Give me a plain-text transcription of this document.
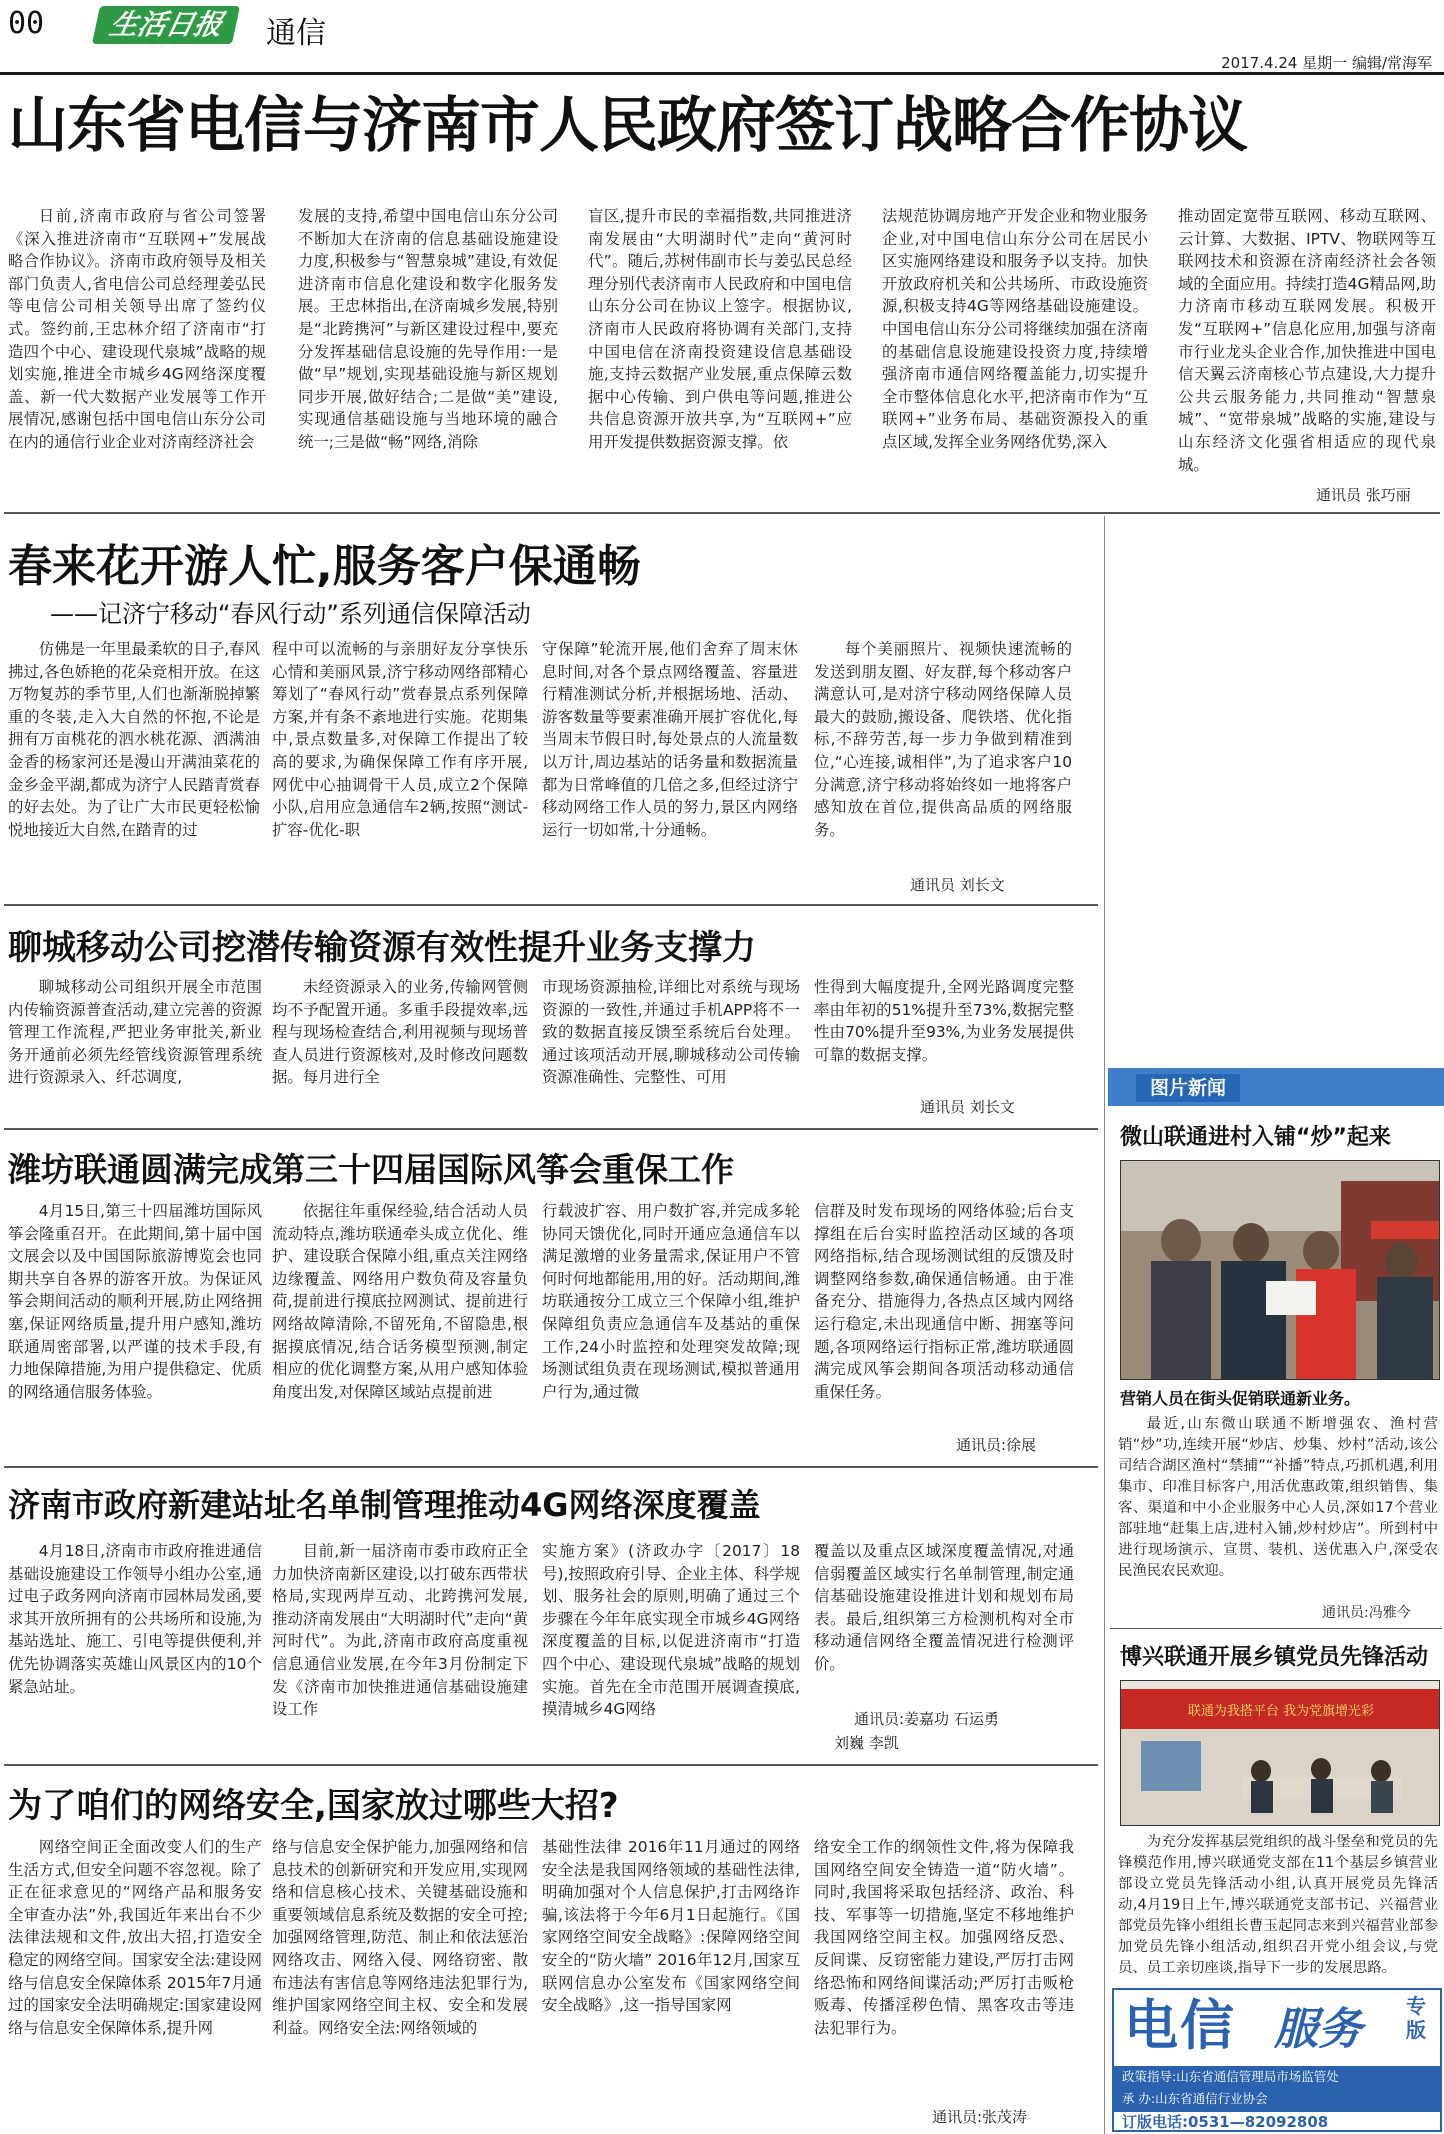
00	生活日报	通信
2017.4.24 星期一 编辑/常海军
山东省电信与济南市人民政府签订战略合作协议
日前,济南市政府与省公司签署《深入推进济南市“互联网+”发展战略合作协议》。济南市政府领导及相关部门负责人,省电信公司总经理姜弘民等电信公司相关领导出席了签约仪式。签约前,王忠林介绍了济南市“打造四个中心、建设现代泉城”战略的规划实施,推进全市城乡4G网络深度覆盖、新一代大数据产业发展等工作开展情况,感谢包括中国电信山东分公司在内的通信行业企业对济南经济社会
发展的支持,希望中国电信山东分公司不断加大在济南的信息基础设施建设力度,积极参与“智慧泉城”建设,有效促进济南市信息化建设和数字化服务发展。王忠林指出,在济南城乡发展,特别是“北跨携河”与新区建设过程中,要充分发挥基础信息设施的先导作用:一是做“早”规划,实现基础设施与新区规划同步开展,做好结合;二是做“美”建设,实现通信基础设施与当地环境的融合统一;三是做“畅”网络,消除
盲区,提升市民的幸福指数,共同推进济南发展由“大明湖时代”走向“黄河时代”。随后,苏树伟副市长与姜弘民总经理分别代表济南市人民政府和中国电信山东分公司在协议上签字。根据协议,济南市人民政府将协调有关部门,支持中国电信在济南投资建设信息基础设施,支持云数据产业发展,重点保障云数据中心传输、到户供电等问题,推进公共信息资源开放共享,为“互联网+”应用开发提供数据资源支撑。依
法规范协调房地产开发企业和物业服务企业,对中国电信山东分公司在居民小区实施网络建设和服务予以支持。加快开放政府机关和公共场所、市政设施资源,积极支持4G等网络基础设施建设。中国电信山东分公司将继续加强在济南的基础信息设施建设投资力度,持续增强济南市通信网络覆盖能力,切实提升全市整体信息化水平,把济南市作为“互联网+”业务布局、基础资源投入的重点区域,发挥全业务网络优势,深入
推动固定宽带互联网、移动互联网、云计算、大数据、IPTV、物联网等互联网技术和资源在济南经济社会各领域的全面应用。持续打造4G精品网,助力济南市移动互联网发展。积极开发“互联网+”信息化应用,加强与济南市行业龙头企业合作,加快推进中国电信天翼云济南核心节点建设,大力提升公共云服务能力,共同推动“智慧泉城”、“宽带泉城”战略的实施,建设与山东经济文化强省相适应的现代泉城。
通讯员 张巧丽
春来花开游人忙,服务客户保通畅
——记济宁移动“春风行动”系列通信保障活动
仿佛是一年里最柔软的日子,春风拂过,各色娇艳的花朵竞相开放。在这万物复苏的季节里,人们也渐渐脱掉繁重的冬装,走入大自然的怀抱,不论是拥有万亩桃花的泗水桃花源、洒满油金香的杨家河还是漫山开满油菜花的金乡金平湖,都成为济宁人民踏青赏春的好去处。为了让广大市民更轻松愉悦地接近大自然,在踏青的过
程中可以流畅的与亲朋好友分享快乐心情和美丽风景,济宁移动网络部精心筹划了“春风行动”赏春景点系列保障方案,并有条不紊地进行实施。花期集中,景点数量多,对保障工作提出了较高的要求,为确保保障工作有序开展,网优中心抽调骨干人员,成立2个保障小队,启用应急通信车2辆,按照“测试-扩容-优化-职
守保障”轮流开展,他们舍弃了周末休息时间,对各个景点网络覆盖、容量进行精准测试分析,并根据场地、活动、游客数量等要素准确开展扩容优化,每当周末节假日时,每处景点的人流量数以万计,周边基站的话务量和数据流量都为日常峰值的几倍之多,但经过济宁移动网络工作人员的努力,景区内网络运行一切如常,十分通畅。
每个美丽照片、视频快速流畅的发送到朋友圈、好友群,每个移动客户满意认可,是对济宁移动网络保障人员最大的鼓励,搬设备、爬铁塔、优化指标,不辞劳苦,每一步力争做到精准到位,“心连接,诚相伴”,为了追求客户10分满意,济宁移动将始终如一地将客户感知放在首位,提供高品质的网络服务。
通讯员 刘长文
聊城移动公司挖潜传输资源有效性提升业务支撑力
聊城移动公司组织开展全市范围内传输资源普查活动,建立完善的资源管理工作流程,严把业务审批关,新业务开通前必须先经管线资源管理系统进行资源录入、纤芯调度,
未经资源录入的业务,传输网管侧均不予配置开通。多重手段提效率,远程与现场检查结合,利用视频与现场普查人员进行资源核对,及时修改问题数据。每月进行全
市现场资源抽检,详细比对系统与现场资源的一致性,并通过手机APP将不一致的数据直接反馈至系统后台处理。通过该项活动开展,聊城移动公司传输资源准确性、完整性、可用
性得到大幅度提升,全网光路调度完整率由年初的51%提升至73%,数据完整性由70%提升至93%,为业务发展提供可靠的数据支撑。
通讯员 刘长文
潍坊联通圆满完成第三十四届国际风筝会重保工作
4月15日,第三十四届潍坊国际风筝会隆重召开。在此期间,第十届中国文展会以及中国国际旅游博览会也同期共享自各界的游客开放。为保证风筝会期间活动的顺利开展,防止网络拥塞,保证网络质量,提升用户感知,潍坊联通周密部署,以严谨的技术手段,有力地保障措施,为用户提供稳定、优质的网络通信服务体验。
依据往年重保经验,结合活动人员流动特点,潍坊联通牵头成立优化、维护、建设联合保障小组,重点关注网络边缘覆盖、网络用户数负荷及容量负荷,提前进行摸底拉网测试、提前进行网络故障清除,不留死角,不留隐患,根据摸底情况,结合话务模型预测,制定相应的优化调整方案,从用户感知体验角度出发,对保障区域站点提前进
行载波扩容、用户数扩容,并完成多轮协同天馈优化,同时开通应急通信车以满足激增的业务量需求,保证用户不管何时何地都能用,用的好。活动期间,潍坊联通按分工成立三个保障小组,维护保障组负责应急通信车及基站的重保工作,24小时监控和处理突发故障;现场测试组负责在现场测试,模拟普通用户行为,通过微
信群及时发布现场的网络体验;后台支撑组在后台实时监控活动区域的各项网络指标,结合现场测试组的反馈及时调整网络参数,确保通信畅通。由于准备充分、措施得力,各热点区域内网络运行稳定,未出现通信中断、拥塞等问题,各项网络运行指标正常,潍坊联通圆满完成风筝会期间各项活动移动通信重保任务。
通讯员:徐展
济南市政府新建站址名单制管理推动4G网络深度覆盖
4月18日,济南市市政府推进通信基础设施建设工作领导小组办公室,通过电子政务网向济南市园林局发函,要求其开放所拥有的公共场所和设施,为基站选址、施工、引电等提供便利,并优先协调落实英雄山风景区内的10个紧急站址。
目前,新一届济南市委市政府正全力加快济南新区建设,以打破东西带状格局,实现两岸互动、北跨携河发展,推动济南发展由“大明湖时代”走向“黄河时代”。为此,济南市政府高度重视信息通信业发展,在今年3月份制定下发《济南市加快推进通信基础设施建设工作
实施方案》(济政办字〔2017〕18号),按照政府引导、企业主体、科学规划、服务社会的原则,明确了通过三个步骤在今年年底实现全市城乡4G网络深度覆盖的目标,以促进济南市“打造四个中心、建设现代泉城”战略的规划实施。首先在全市范围开展调查摸底,摸清城乡4G网络
覆盖以及重点区域深度覆盖情况,对通信弱覆盖区域实行名单制管理,制定通信基础设施建设推进计划和规划布局表。最后,组织第三方检测机构对全市移动通信网络全覆盖情况进行检测评价。
通讯员:姜嘉功 石运勇
刘巍 李凯
为了咱们的网络安全,国家放过哪些大招?
网络空间正全面改变人们的生产生活方式,但安全问题不容忽视。除了正在征求意见的“网络产品和服务安全审查办法”外,我国近年来出台不少法律法规和文件,放出大招,打造安全稳定的网络空间。国家安全法:建设网络与信息安全保障体系 2015年7月通过的国家安全法明确规定:国家建设网络与信息安全保障体系,提升网
络与信息安全保护能力,加强网络和信息技术的创新研究和开发应用,实现网络和信息核心技术、关键基础设施和重要领域信息系统及数据的安全可控;加强网络管理,防范、制止和依法惩治网络攻击、网络入侵、网络窃密、散布违法有害信息等网络违法犯罪行为,维护国家网络空间主权、安全和发展利益。网络安全法:网络领域的
基础性法律 2016年11月通过的网络安全法是我国网络领域的基础性法律,明确加强对个人信息保护,打击网络诈骗,该法将于今年6月1日起施行。《国家网络空间安全战略》:保障网络空间安全的“防火墙” 2016年12月,国家互联网信息办公室发布《国家网络空间安全战略》,这一指导国家网
络安全工作的纲领性文件,将为保障我国网络空间安全铸造一道“防火墙”。同时,我国将采取包括经济、政治、科技、军事等一切措施,坚定不移地维护我国网络空间主权。加强网络反恐、反间谍、反窃密能力建设,严厉打击网络恐怖和网络间谍活动;严厉打击贩枪贩毒、传播淫秽色情、黑客攻击等违法犯罪行为。
通讯员:张茂涛
图片新闻
微山联通进村入铺“炒”起来
营销人员在街头促销联通新业务。
最近,山东微山联通不断增强农、渔村营销“炒”功,连续开展“炒店、炒集、炒村”活动,该公司结合湖区渔村“禁捕”“补播”特点,巧抓机遇,利用集市、印准目标客户,用活优惠政策,组织销售、集客、渠道和中小企业服务中心人员,深如17个营业部驻地“赶集上店,进村入铺,炒村炒店”。所到村中进行现场演示、宣贯、装机、送优惠入户,深受农民渔民农民欢迎。
通讯员:冯雅今
博兴联通开展乡镇党员先锋活动
联通为我搭平台 我为党旗增光彩
为充分发挥基层党组织的战斗堡垒和党员的先锋模范作用,博兴联通党支部在11个基层乡镇营业部设立党员先锋活动小组,认真开展党员先锋活动,4月19日上午,博兴联通党支部书记、兴福营业部党员先锋小组组长曹玉起同志来到兴福营业部参加党员先锋小组活动,组织召开党小组会议,与党员、员工亲切座谈,指导下一步的发展思路。
电信 服务 专版
政策指导:山东省通信管理局市场监管处
承 办:山东省通信行业协会
订版电话:0531—82092808
